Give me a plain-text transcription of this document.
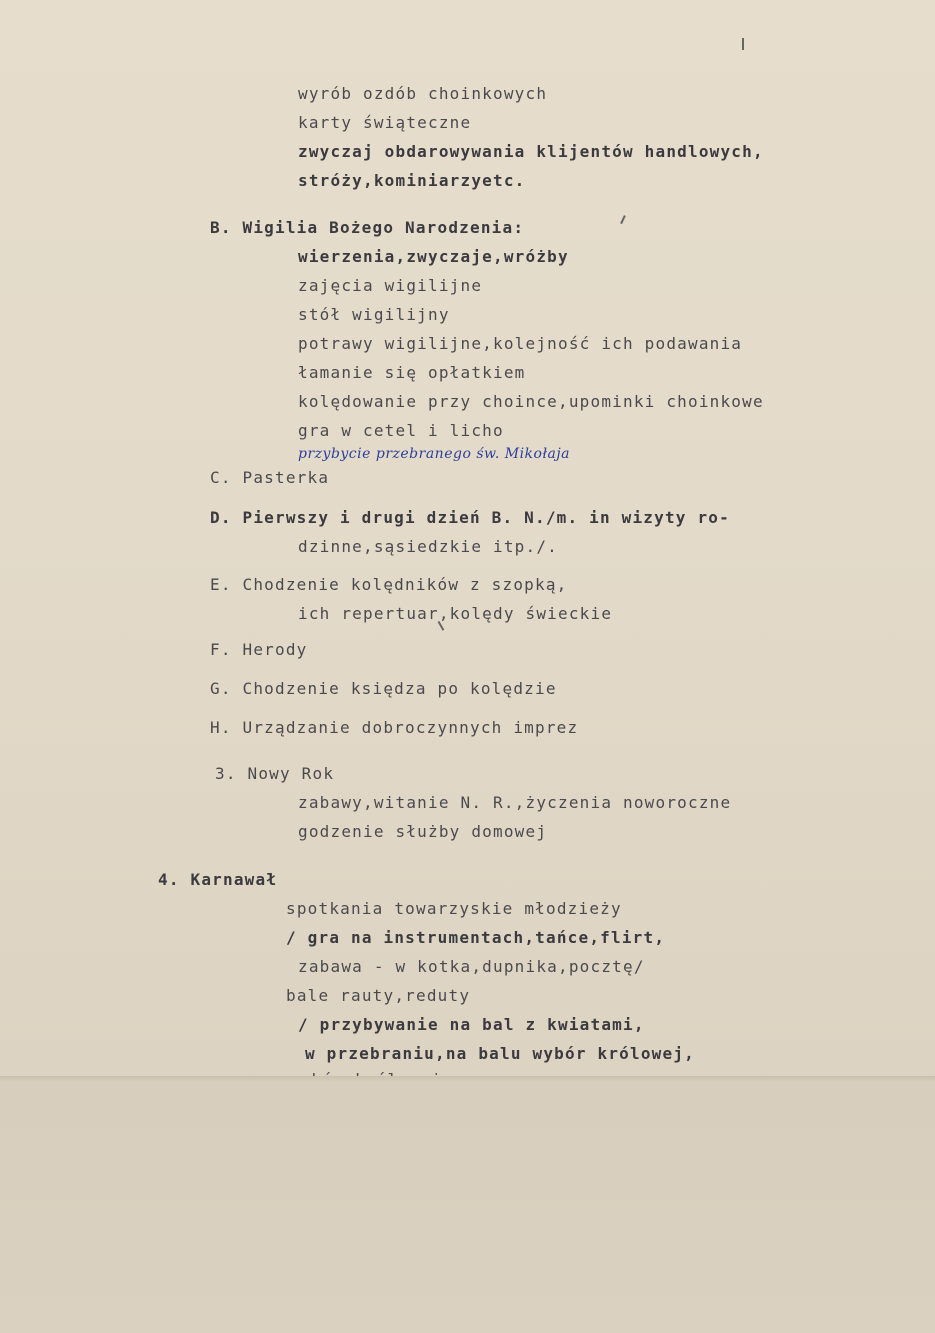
wyrób ozdób choinkowych
karty świąteczne
zwyczaj obdarowywania klijentów handlowych,
stróży,kominiarzyetc.
B. Wigilia Bożego Narodzenia:
wierzenia,zwyczaje,wróżby
zajęcia wigilijne
stół wigilijny
potrawy wigilijne,kolejność ich podawania
łamanie się opłatkiem
kolędowanie przy choince,upominki choinkowe
gra w cetel i licho
przybycie przebranego św. Mikołaja
C. Pasterka
D. Pierwszy i drugi dzień B. N./m. in wizyty ro-
dzinne,sąsiedzkie itp./.
E. Chodzenie kolędników z szopką,
ich repertuar,kolędy świeckie
F. Herody
G. Chodzenie księdza po kolędzie
H. Urządzanie dobroczynnych imprez
3. Nowy Rok
zabawy,witanie N. R.,życzenia noworoczne
godzenie służby domowej
4. Karnawał
spotkania towarzyskie młodzieży
/ gra na instrumentach,tańce,flirt,
zabawa - w kotka,dupnika,pocztę/
bale rauty,reduty
/ przybywanie na bal z kwiatami,
w przebraniu,na balu wybór królowej,
